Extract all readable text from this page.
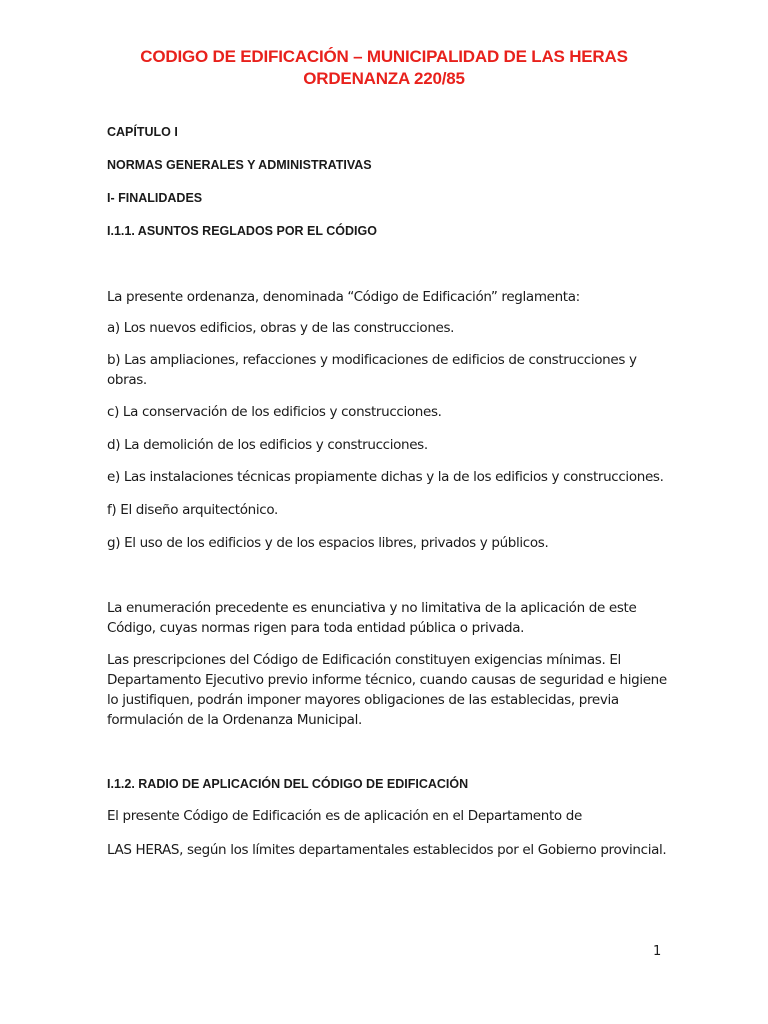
CODIGO DE EDIFICACIÓN – MUNICIPALIDAD DE LAS HERAS
ORDENANZA 220/85
CAPÍTULO I
NORMAS GENERALES Y ADMINISTRATIVAS
I- FINALIDADES
I.1.1. ASUNTOS REGLADOS POR EL CÓDIGO
La presente ordenanza, denominada “Código de Edificación” reglamenta:
a) Los nuevos edificios, obras y de las construcciones.
b) Las ampliaciones, refacciones y modificaciones de edificios de construcciones y obras.
c) La conservación de los edificios y construcciones.
d) La demolición de los edificios y construcciones.
e) Las instalaciones técnicas propiamente dichas y la de los edificios y construcciones.
f) El diseño arquitectónico.
g) El uso de los edificios y de los espacios libres, privados y públicos.
La enumeración precedente es enunciativa y no limitativa de la aplicación de este Código, cuyas normas rigen para toda entidad pública o privada.
Las prescripciones del Código de Edificación constituyen exigencias mínimas. El Departamento Ejecutivo previo informe técnico, cuando causas de seguridad e higiene lo justifiquen, podrán imponer mayores obligaciones de las establecidas, previa formulación de la Ordenanza Municipal.
I.1.2. RADIO DE APLICACIÓN DEL CÓDIGO DE EDIFICACIÓN
El presente Código de Edificación es de aplicación en el Departamento de
LAS HERAS, según los límites departamentales establecidos por el Gobierno provincial.
1
